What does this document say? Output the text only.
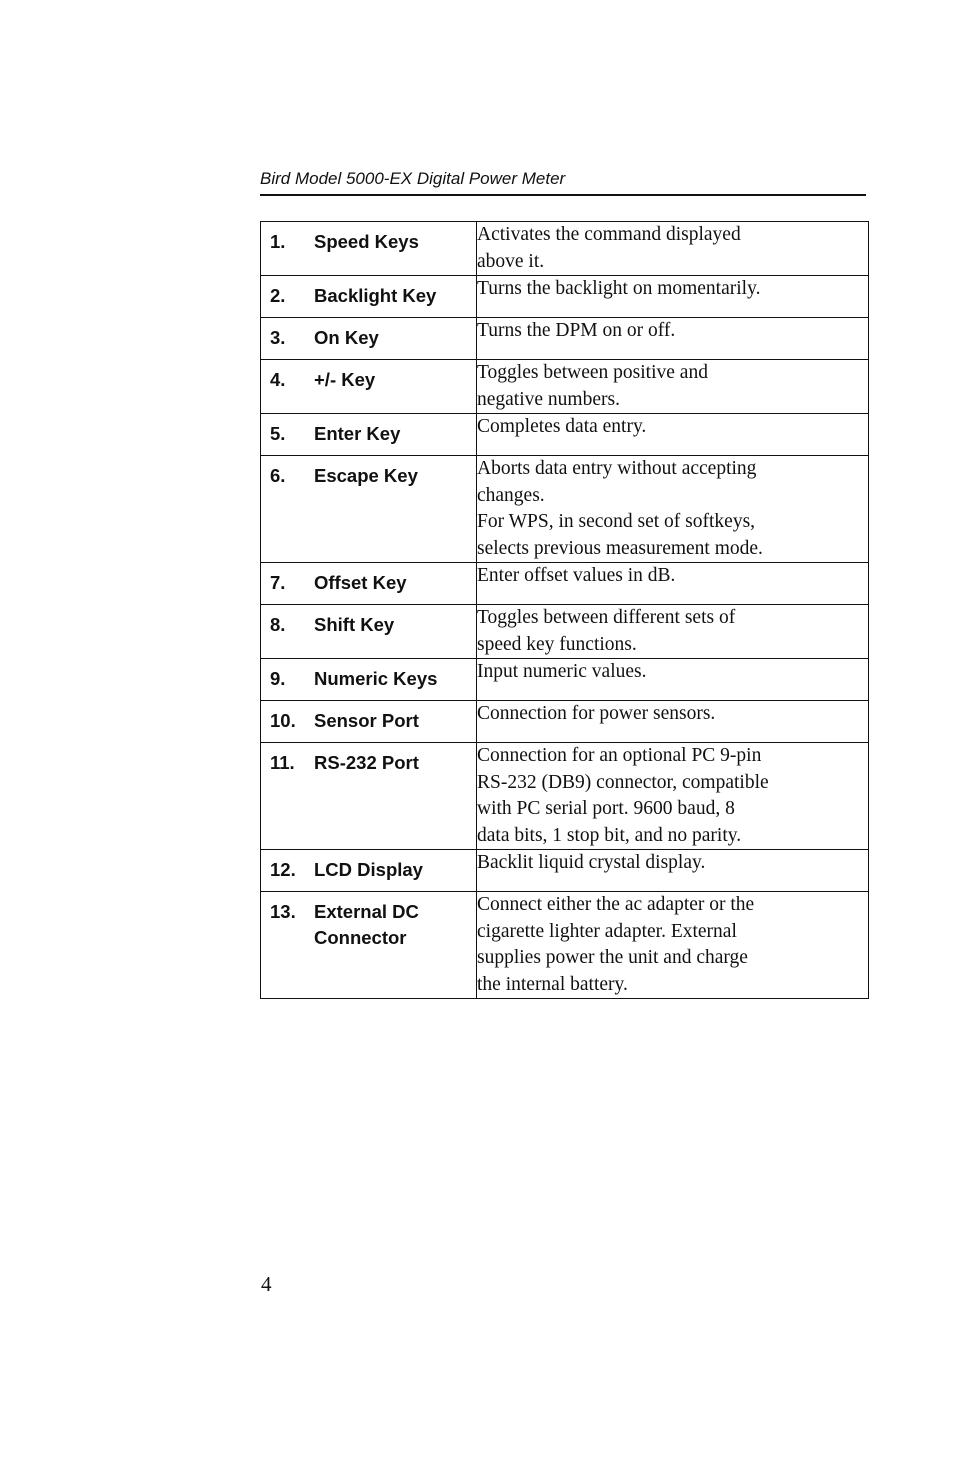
Bird Model 5000-EX Digital Power Meter
1. Speed Keys	Activates the command displayed
above it.

2. Backlight Key	Turns the backlight on momentarily.

3. On Key	Turns the DPM on or off.

4. +/- Key	Toggles between positive and
negative numbers.

5. Enter Key	Completes data entry.

6. Escape Key	Aborts data entry without accepting
changes.
For WPS, in second set of softkeys,
selects previous measurement mode.

7. Offset Key	Enter offset values in dB.

8. Shift Key	Toggles between different sets of
speed key functions.

9. Numeric Keys	Input numeric values.

10. Sensor Port	Connection for power sensors.

11. RS-232 Port	Connection for an optional PC 9-pin
RS-232 (DB9) connector, compatible
with PC serial port. 9600 baud, 8
data bits, 1 stop bit, and no parity.

12. LCD Display	Backlit liquid crystal display.

13. External DC Connector	Connect either the ac adapter or the
cigarette lighter adapter. External
supplies power the unit and charge
the internal battery.
4
